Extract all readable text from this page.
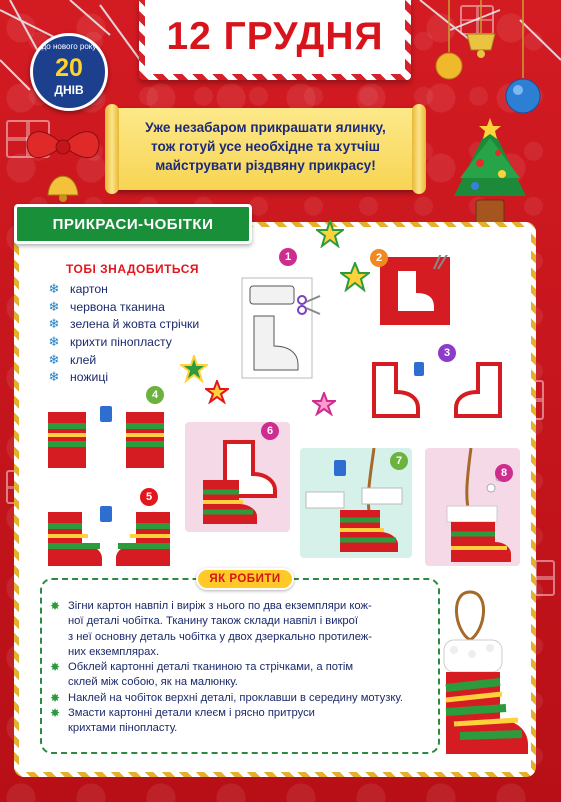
12 ГРУДНЯ
до нового року
20
ДНІВ

Уже незабаром прикрашати ялинку,
тож готуй усе необхідне та хутчіш
майструвати різдвяну прикрасу!

ПРИКРАСИ-ЧОБІТКИ
ТОБІ ЗНАДОБИТЬСЯ
❄ картон
❄ червона тканина
❄ зелена й жовта стрічки
❄ крихти пінопласту
❄ клей
❄ ножиці
1	2
3
4
5
6
7
8
✸ Зігни картон навпіл і виріж з нього по два екземпляри кож-
ної деталі чобітка. Тканину також склади навпіл і викрої
з неї основну деталь чобітка у двох дзеркально протилеж-
них екземплярах.
✸ Обклей картонні деталі тканиною та стрічками, а потім
склей між собою, як на малюнку.
✸ Наклей на чобіток верхні деталі, проклавши в середину мотузку.
✸ Змасти картонні детали клеєм і рясно притруси
крихтами пінопласту.
ЯК РОБИТИ
